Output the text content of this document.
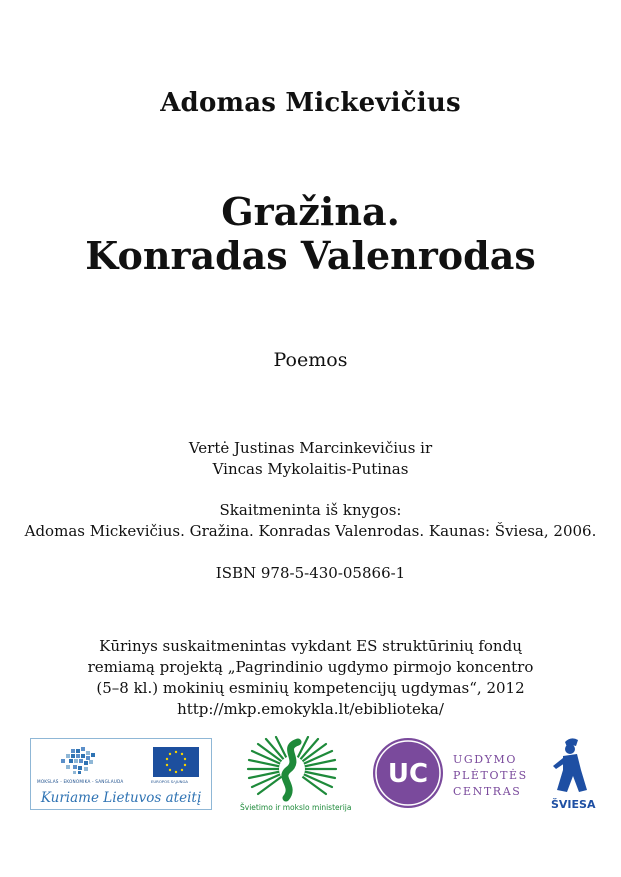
Adomas Mickevičius
Gražina.
Konradas Valenrodas
Poemos
Vertė Justinas Marcinkevičius ir
Vincas Mykolaitis-Putinas
Skaitmeninta iš knygos:
Adomas Mickevičius. Gražina. Konradas Valenrodas. Kaunas: Šviesa, 2006.
ISBN 978-5-430-05866-1
Kūrinys suskaitmenintas vykdant ES struktūrinių fondų
remiamą projektą „Pagrindinio ugdymo pirmojo koncentro
(5–8 kl.) mokinių esminių kompetencijų ugdymas“, 2012
http://mkp.emokykla.lt/ebiblioteka/
MOKSLAS - EKONOMIKA - SANGLAUDA	EUROPOS SĄJUNGA
Kuriame Lietuvos ateitį
Švietimo ir mokslo ministerija
UC UGDYMO
PLĖTOTĖS
CENTRAS
ŠVIESA
